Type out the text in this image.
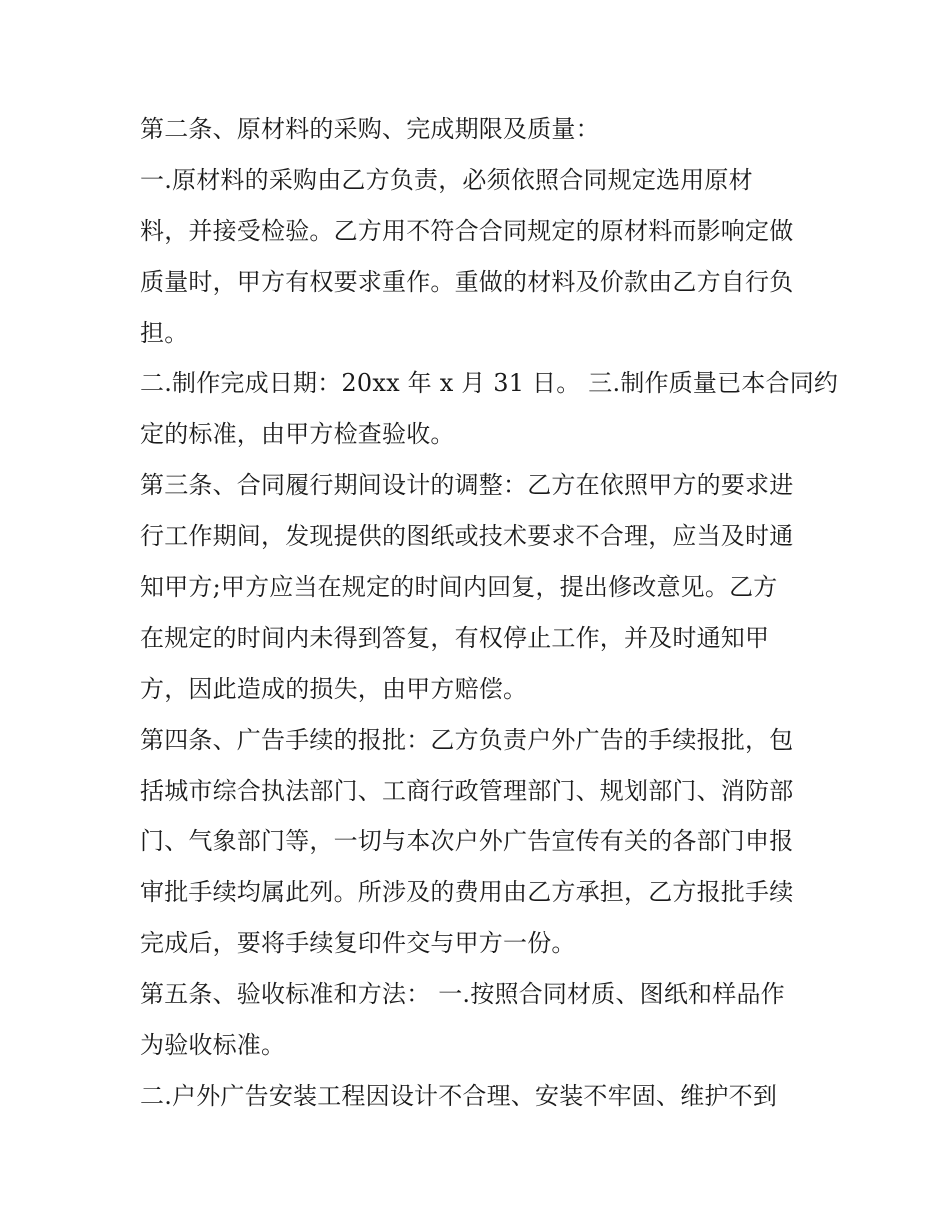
第二条、原材料的采购、完成期限及质量：
一.原材料的采购由乙方负责，必须依照合同规定选用原材
料，并接受检验。乙方用不符合合同规定的原材料而影响定做
质量时，甲方有权要求重作。重做的材料及价款由乙方自行负
担。
二.制作完成日期：20xx 年 x 月 31 日。 三.制作质量已本合同约
定的标准，由甲方检查验收。
第三条、合同履行期间设计的调整：乙方在依照甲方的要求进
行工作期间，发现提供的图纸或技术要求不合理，应当及时通
知甲方;甲方应当在规定的时间内回复，提出修改意见。乙方
在规定的时间内未得到答复，有权停止工作，并及时通知甲
方，因此造成的损失，由甲方赔偿。
第四条、广告手续的报批：乙方负责户外广告的手续报批，包
括城市综合执法部门、工商行政管理部门、规划部门、消防部
门、气象部门等，一切与本次户外广告宣传有关的各部门申报
审批手续均属此列。所涉及的费用由乙方承担，乙方报批手续
完成后，要将手续复印件交与甲方一份。
第五条、验收标准和方法： 一.按照合同材质、图纸和样品作
为验收标准。
二.户外广告安装工程因设计不合理、安装不牢固、维护不到
